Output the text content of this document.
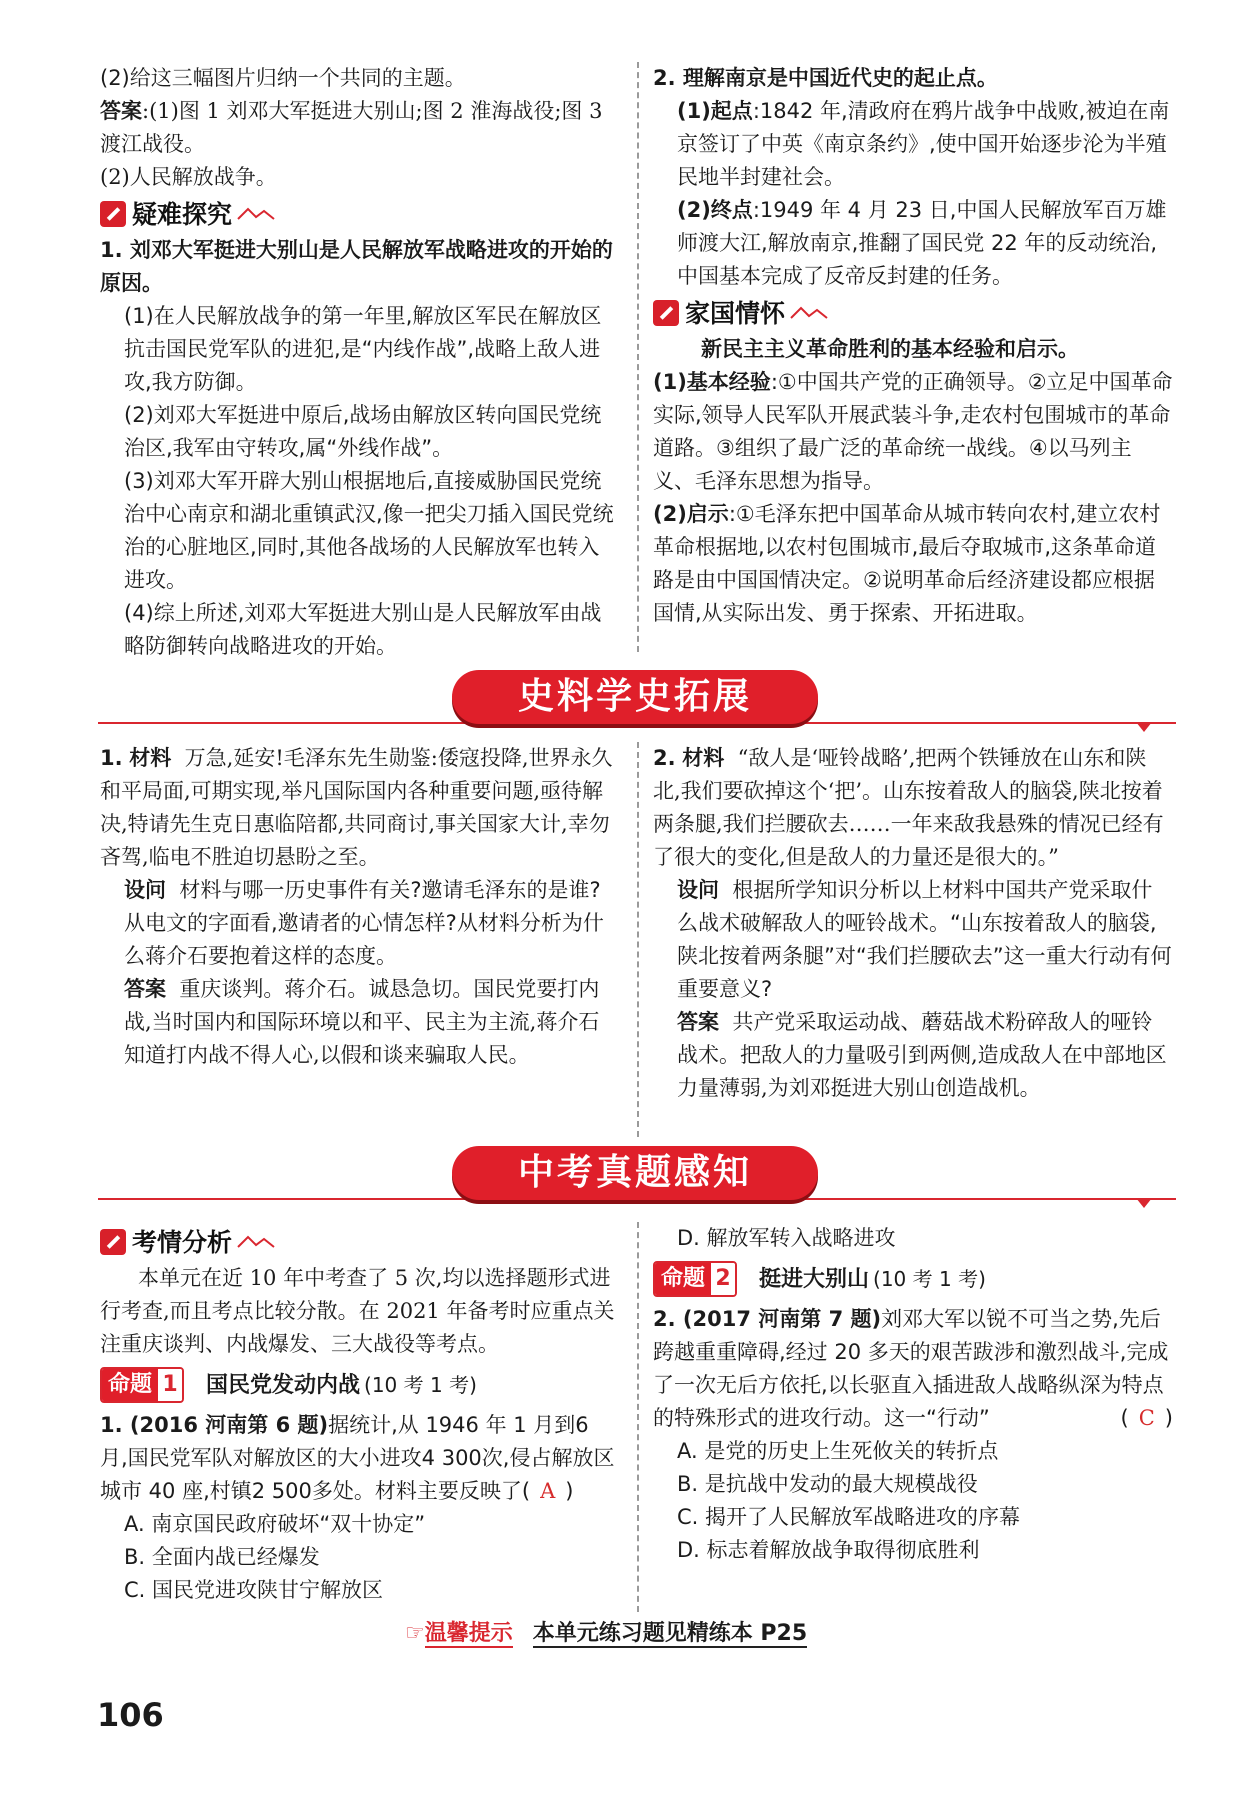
(2)给这三幅图片归纳一个共同的主题。

答案:(1)图 1 刘邓大军挺进大别山;图 2 淮海战役;图 3 渡江战役。

(2)人民解放战争。

疑难探究

1. 刘邓大军挺进大别山是人民解放军战略进攻的开始的原因。

(1)在人民解放战争的第一年里,解放区军民在解放区抗击国民党军队的进犯,是“内线作战”,战略上敌人进攻,我方防御。

(2)刘邓大军挺进中原后,战场由解放区转向国民党统治区,我军由守转攻,属“外线作战”。

(3)刘邓大军开辟大别山根据地后,直接威胁国民党统治中心南京和湖北重镇武汉,像一把尖刀插入国民党统治的心脏地区,同时,其他各战场的人民解放军也转入进攻。

(4)综上所述,刘邓大军挺进大别山是人民解放军由战略防御转向战略进攻的开始。

2. 理解南京是中国近代史的起止点。

(1)起点:1842 年,清政府在鸦片战争中战败,被迫在南京签订了中英《南京条约》,使中国开始逐步沦为半殖民地半封建社会。

(2)终点:1949 年 4 月 23 日,中国人民解放军百万雄师渡大江,解放南京,推翻了国民党 22 年的反动统治,中国基本完成了反帝反封建的任务。

家国情怀

新民主主义革命胜利的基本经验和启示。

(1)基本经验:①中国共产党的正确领导。②立足中国革命实际,领导人民军队开展武装斗争,走农村包围城市的革命道路。③组织了最广泛的革命统一战线。④以马列主义、毛泽东思想为指导。

(2)启示:①毛泽东把中国革命从城市转向农村,建立农村革命根据地,以农村包围城市,最后夺取城市,这条革命道路是由中国国情决定。②说明革命后经济建设都应根据国情,从实际出发、勇于探索、开拓进取。

史料学史拓展

1. 材料 万急,延安!毛泽东先生勋鉴:倭寇投降,世界永久和平局面,可期实现,举凡国际国内各种重要问题,亟待解决,特请先生克日惠临陪都,共同商讨,事关国家大计,幸勿吝驾,临电不胜迫切悬盼之至。

设问 材料与哪一历史事件有关?邀请毛泽东的是谁?从电文的字面看,邀请者的心情怎样?从材料分析为什么蒋介石要抱着这样的态度。

答案 重庆谈判。蒋介石。诚恳急切。国民党要打内战,当时国内和国际环境以和平、民主为主流,蒋介石知道打内战不得人心,以假和谈来骗取人民。

2. 材料 “敌人是‘哑铃战略’,把两个铁锤放在山东和陕北,我们要砍掉这个‘把’。山东按着敌人的脑袋,陕北按着两条腿,我们拦腰砍去……一年来敌我悬殊的情况已经有了很大的变化,但是敌人的力量还是很大的。”

设问 根据所学知识分析以上材料中国共产党采取什么战术破解敌人的哑铃战术。“山东按着敌人的脑袋,陕北按着两条腿”对“我们拦腰砍去”这一重大行动有何重要意义?

答案 共产党采取运动战、蘑菇战术粉碎敌人的哑铃战术。把敌人的力量吸引到两侧,造成敌人在中部地区力量薄弱,为刘邓挺进大别山创造战机。

中考真题感知
考情分析

本单元在近 10 年中考查了 5 次,均以选择题形式进行考查,而且考点比较分散。在 2021 年备考时应重点关注重庆谈判、内战爆发、三大战役等考点。

命题 1 国民党发动内战 (10 考 1 考)

1. (2016 河南第 6 题)据统计,从 1946 年 1 月到6 月,国民党军队对解放区的大小进攻4 300次,侵占解放区城市 40 座,村镇2 500多处。材料主要反映了( A )

A. 南京国民政府破坏“双十协定”

B. 全面内战已经爆发

C. 国民党进攻陕甘宁解放区

D. 解放军转入战略进攻

命题 2 挺进大别山 (10 考 1 考)

2. (2017 河南第 7 题)刘邓大军以锐不可当之势,先后跨越重重障碍,经过 20 多天的艰苦跋涉和激烈战斗,完成了一次无后方依托,以长驱直入插进敌人战略纵深为特点的特殊形式的进攻行动。这一“行动”	( C )

A. 是党的历史上生死攸关的转折点

B. 是抗战中发动的最大规模战役

C. 揭开了人民解放军战略进攻的序幕

D. 标志着解放战争取得彻底胜利

☞温馨提示 本单元练习题见精练本 P25
106
